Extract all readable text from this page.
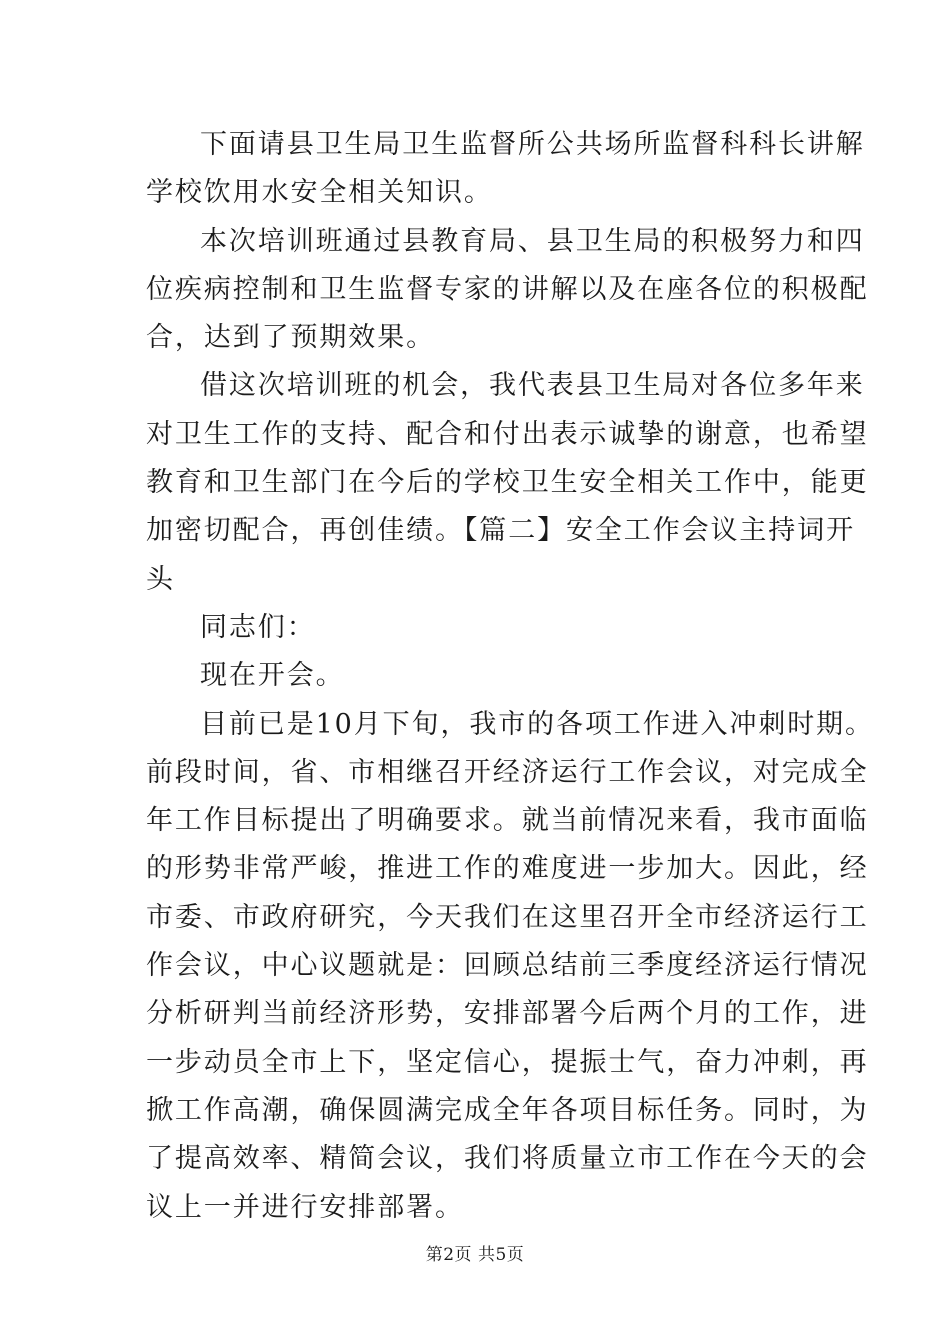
下面请县卫生局卫生监督所公共场所监督科科长讲解
学校饮用水安全相关知识。
本次培训班通过县教育局、县卫生局的积极努力和四
位疾病控制和卫生监督专家的讲解以及在座各位的积极配
合，达到了预期效果。
借这次培训班的机会，我代表县卫生局对各位多年来
对卫生工作的支持、配合和付出表示诚挚的谢意，也希望
教育和卫生部门在今后的学校卫生安全相关工作中，能更
加密切配合，再创佳绩。【篇二】安全工作会议主持词开
头
同志们：
现在开会。
目前已是10月下旬，我市的各项工作进入冲刺时期。
前段时间，省、市相继召开经济运行工作会议，对完成全
年工作目标提出了明确要求。就当前情况来看，我市面临
的形势非常严峻，推进工作的难度进一步加大。因此，经
市委、市政府研究，今天我们在这里召开全市经济运行工
作会议，中心议题就是：回顾总结前三季度经济运行情况
分析研判当前经济形势，安排部署今后两个月的工作，进
一步动员全市上下，坚定信心，提振士气，奋力冲刺，再
掀工作高潮，确保圆满完成全年各项目标任务。同时，为
了提高效率、精简会议，我们将质量立市工作在今天的会
议上一并进行安排部署。
第2页 共5页
